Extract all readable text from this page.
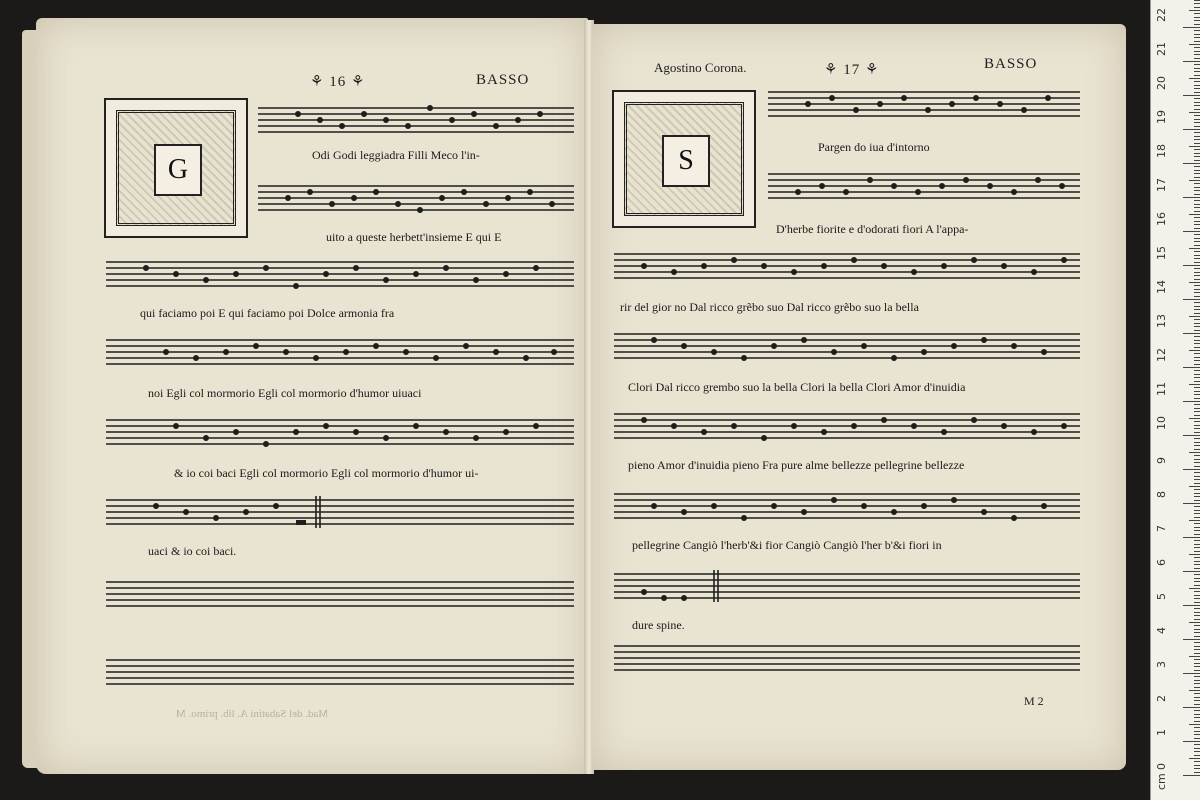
⚘ 16 ⚘	BASSO
G	Odi Godi leggiadra Filli Meco l'in-
uito a queste herbett'insieme E qui E
qui faciamo poi E qui faciamo poi Dolce armonia fra
noi Egli col mormorio Egli col mormorio d'humor uiuaci
& io coi baci Egli col mormorio Egli col mormorio d'humor ui-
uaci & io coi baci.
Mad. del Sabatini A. lib. primo. M
Agostino Corona.	⚘ 17 ⚘	BASSO
S	Pargen do iua d'intorno
D'herbe fiorite e d'odorati fiori A l'appa-
rir del gior no Dal ricco grẽbo suo Dal ricco grẽbo suo la bella
Clori Dal ricco grembo suo la bella Clori la bella Clori Amor d'inuidia
pieno Amor d'inuidia pieno Fra pure alme bellezze pellegrine bellezze
pellegrine Cangiò l'herb'&i fior Cangiò Cangiò l'her b'&i fiori in
dure spine.
M 2
cm
0
1
2
3
4
5
6
7
8
9
10
11
12
13
14
15
16
17
18
19
20
21
22
